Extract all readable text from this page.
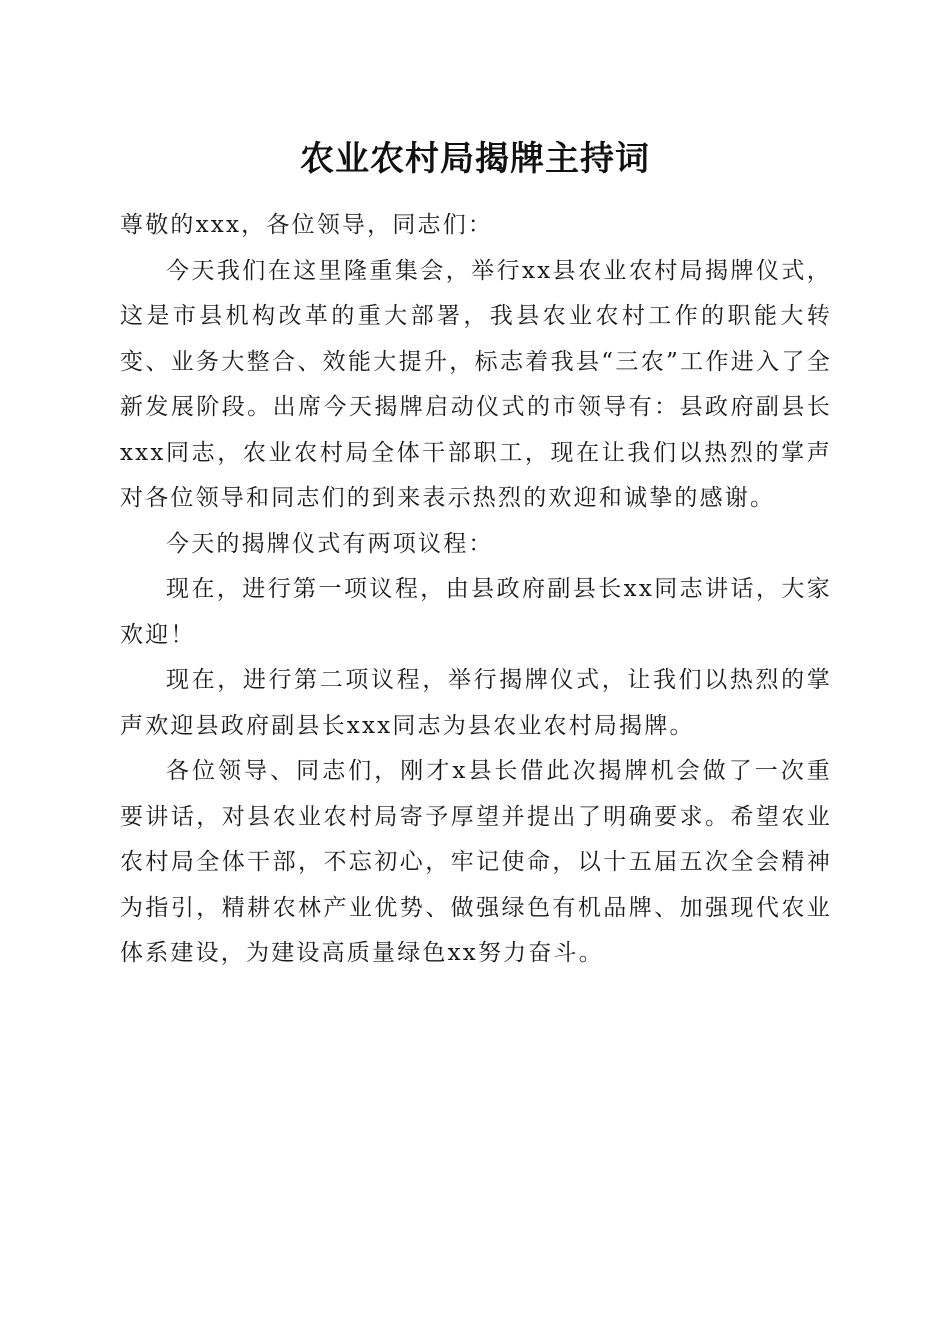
农业农村局揭牌主持词

尊敬的xxx，各位领导，同志们：

今天我们在这里隆重集会，举行xx县农业农村局揭牌仪式，这是市县机构改革的重大部署，我县农业农村工作的职能大转变、业务大整合、效能大提升，标志着我县“三农”工作进入了全新发展阶段。出席今天揭牌启动仪式的市领导有：县政府副县长xxx同志，农业农村局全体干部职工，现在让我们以热烈的掌声对各位领导和同志们的到来表示热烈的欢迎和诚挚的感谢。

今天的揭牌仪式有两项议程：

现在，进行第一项议程，由县政府副县长xx同志讲话，大家欢迎！

现在，进行第二项议程，举行揭牌仪式，让我们以热烈的掌声欢迎县政府副县长xxx同志为县农业农村局揭牌。

各位领导、同志们，刚才x县长借此次揭牌机会做了一次重要讲话，对县农业农村局寄予厚望并提出了明确要求。希望农业农村局全体干部，不忘初心，牢记使命，以十五届五次全会精神为指引，精耕农林产业优势、做强绿色有机品牌、加强现代农业体系建设，为建设高质量绿色xx努力奋斗。
